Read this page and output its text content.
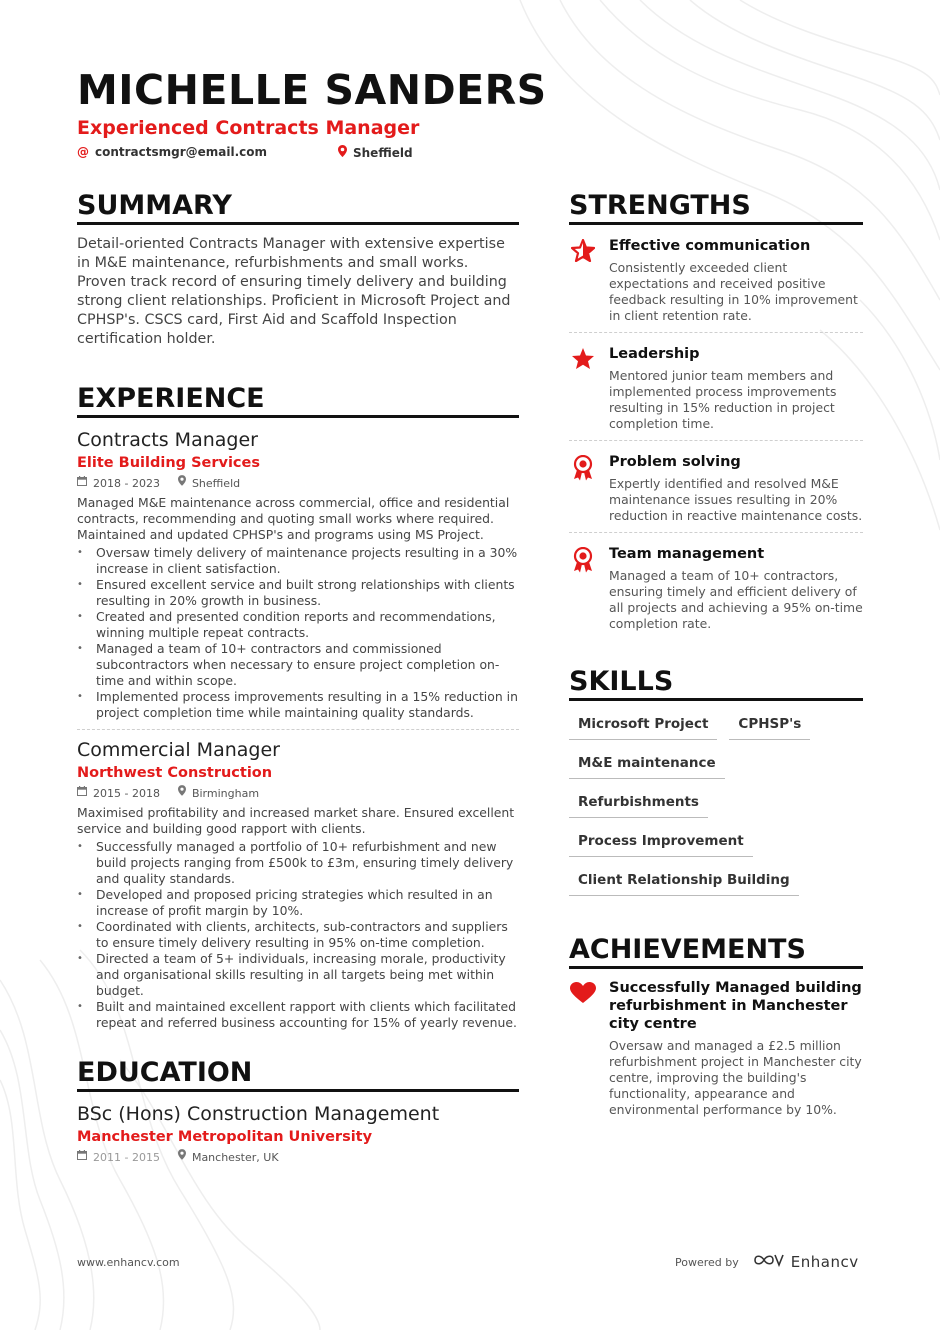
MICHELLE SANDERS
Experienced Contracts Manager
@ contractsmgr@email.com	Sheffield
SUMMARY
Detail-oriented Contracts Manager with extensive expertise in M&E maintenance, refurbishments and small works. Proven track record of ensuring timely delivery and building strong client relationships. Proficient in Microsoft Project and CPHSP's. CSCS card, First Aid and Scaffold Inspection certification holder.
EXPERIENCE
Contracts Manager
Elite Building Services
2018 - 2023	Sheffield
Managed M&E maintenance across commercial, office and residential contracts, recommending and quoting small works where required. Maintained and updated CPHSP's and programs using MS Project.
• Oversaw timely delivery of maintenance projects resulting in a 30% increase in client satisfaction.
• Ensured excellent service and built strong relationships with clients resulting in 20% growth in business.
• Created and presented condition reports and recommendations, winning multiple repeat contracts.
• Managed a team of 10+ contractors and commissioned subcontractors when necessary to ensure project completion on-time and within scope.
• Implemented process improvements resulting in a 15% reduction in project completion time while maintaining quality standards.
Commercial Manager
Northwest Construction
2015 - 2018	Birmingham
Maximised profitability and increased market share. Ensured excellent service and building good rapport with clients.
• Successfully managed a portfolio of 10+ refurbishment and new build projects ranging from £500k to £3m, ensuring timely delivery and quality standards.
• Developed and proposed pricing strategies which resulted in an increase of profit margin by 10%.
• Coordinated with clients, architects, sub-contractors and suppliers to ensure timely delivery resulting in 95% on-time completion.
• Directed a team of 5+ individuals, increasing morale, productivity and organisational skills resulting in all targets being met within budget.
• Built and maintained excellent rapport with clients which facilitated repeat and referred business accounting for 15% of yearly revenue.
EDUCATION
BSc (Hons) Construction Management
Manchester Metropolitan University
2011 - 2015	Manchester, UK
STRENGTHS
Effective communication
Consistently exceeded client expectations and received positive feedback resulting in 10% improvement in client retention rate.
Leadership
Mentored junior team members and implemented process improvements resulting in 15% reduction in project completion time.
Problem solving
Expertly identified and resolved M&E maintenance issues resulting in 20% reduction in reactive maintenance costs.
Team management
Managed a team of 10+ contractors, ensuring timely and efficient delivery of all projects and achieving a 95% on-time completion rate.
SKILLS
Microsoft Project	CPHSP's
M&E maintenance
Refurbishments
Process Improvement
Client Relationship Building
ACHIEVEMENTS
Successfully Managed building refurbishment in Manchester city centre
Oversaw and managed a £2.5 million refurbishment project in Manchester city centre, improving the building's functionality, appearance and environmental performance by 10%.
www.enhancv.com	Powered by	Enhancv
